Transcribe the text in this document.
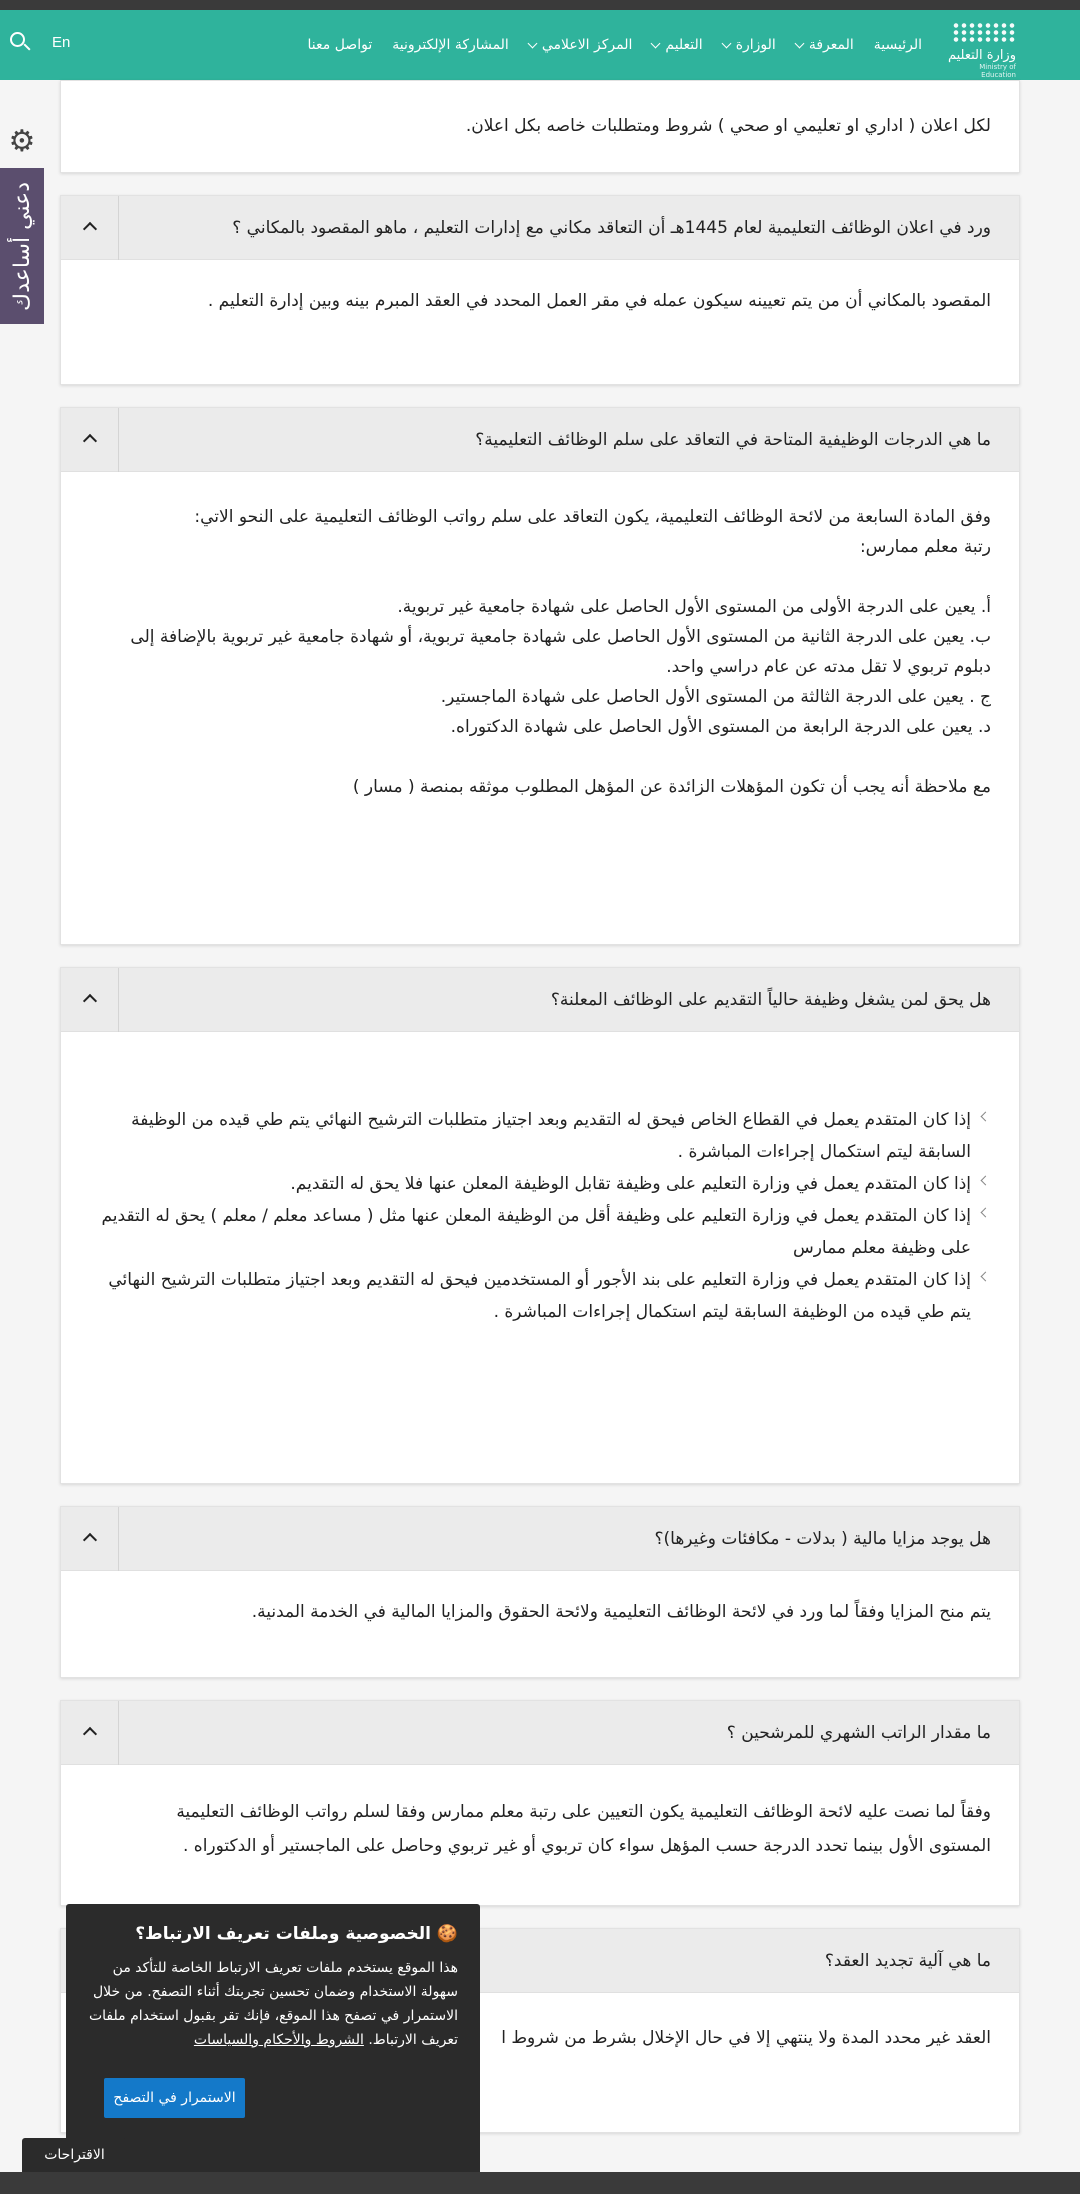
وزارة التعليم
Ministry of Education
الرئيسية
المعرفة
الوزارة
التعليم
المركز الاعلامي
المشاركة الإلكترونية
تواصل معنا
En
⚙
دعني أساعدك

لكل اعلان ( اداري او تعليمي او صحي ) شروط ومتطلبات خاصه بكل اعلان.

ورد في اعلان الوظائف التعليمية لعام 1445هـ أن التعاقد مكاني مع إدارات التعليم ، ماهو المقصود بالمكاني ؟

المقصود بالمكاني أن من يتم تعيينه سيكون عمله في مقر العمل المحدد في العقد المبرم بينه وبين إدارة التعليم .

ما هي الدرجات الوظيفية المتاحة في التعاقد على سلم الوظائف التعليمية؟

وفق المادة السابعة من لائحة الوظائف التعليمية، يكون التعاقد على سلم رواتب الوظائف التعليمية على النحو الاتي:

رتبة معلم ممارس:

أ. يعين على الدرجة الأولى من المستوى الأول الحاصل على شهادة جامعية غير تربوية.

ب. يعين على الدرجة الثانية من المستوى الأول الحاصل على شهادة جامعية تربوية، أو شهادة جامعية غير تربوية بالإضافة إلى

دبلوم تربوي لا تقل مدته عن عام دراسي واحد.

ج . يعين على الدرجة الثالثة من المستوى الأول الحاصل على شهادة الماجستير.

د. يعين على الدرجة الرابعة من المستوى الأول الحاصل على شهادة الدكتوراه.

مع ملاحظة أنه يجب أن تكون المؤهلات الزائدة عن المؤهل المطلوب موثقه بمنصة ( مسار )

هل يحق لمن يشغل وظيفة حالياً التقديم على الوظائف المعلنة؟
إذا كان المتقدم يعمل في القطاع الخاص فيحق له التقديم وبعد اجتياز متطلبات الترشيح النهائي يتم طي قيده من الوظيفة السابقة ليتم استكمال إجراءات المباشرة .
إذا كان المتقدم يعمل في وزارة التعليم على وظيفة تقابل الوظيفة المعلن عنها فلا يحق له التقديم.
إذا كان المتقدم يعمل في وزارة التعليم على وظيفة أقل من الوظيفة المعلن عنها مثل ( مساعد معلم / معلم ) يحق له التقديم على وظيفة معلم ممارس
إذا كان المتقدم يعمل في وزارة التعليم على بند الأجور أو المستخدمين فيحق له التقديم وبعد اجتياز متطلبات الترشيح النهائي يتم طي قيده من الوظيفة السابقة ليتم استكمال إجراءات المباشرة .
هل يوجد مزايا مالية ( بدلات - مكافئات وغيرها)؟

يتم منح المزايا وفقاً لما ورد في لائحة الوظائف التعليمية ولائحة الحقوق والمزايا المالية في الخدمة المدنية.

ما مقدار الراتب الشهري للمرشحين ؟

وفقاً لما نصت عليه لائحة الوظائف التعليمية يكون التعيين على رتبة معلم ممارس وفقا لسلم رواتب الوظائف التعليمية

المستوى الأول بينما تحدد الدرجة حسب المؤهل سواء كان تربوي أو غير تربوي وحاصل على الماجستير أو الدكتوراه .

ما هي آلية تجديد العقد؟

العقد غير محدد المدة ولا ينتهي إلا في حال الإخلال بشرط من شروط ا

🍪 الخصوصية وملفات تعريف الارتباط؟
هذا الموقع يستخدم ملفات تعريف الارتباط الخاصة للتأكد من سهولة الاستخدام وضمان تحسين تجربتك أثناء التصفح. من خلال الاستمرار في تصفح هذا الموقع، فإنك تقر بقبول استخدام ملفات تعريف الارتباط. الشروط والأحكام والسياسات
الاستمرار في التصفح
الاقتراحات
